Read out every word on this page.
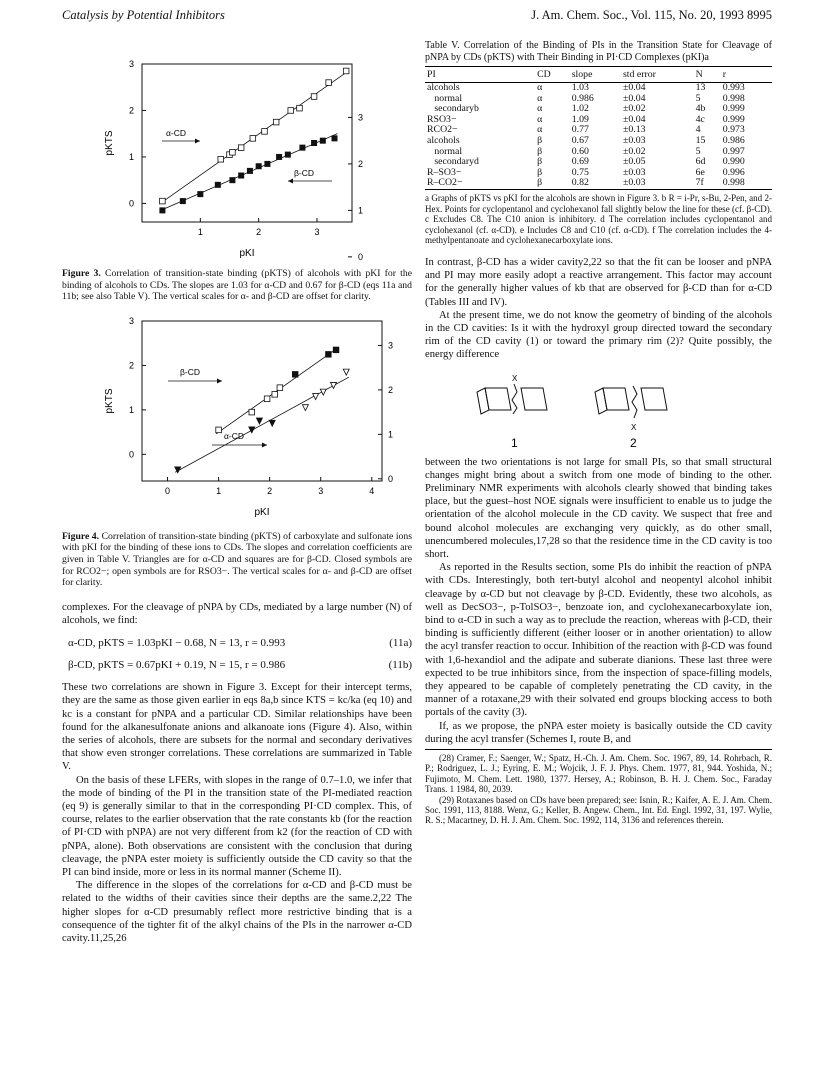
Catalysis by Potential Inhibitors	J. Am. Chem. Soc., Vol. 115, No. 20, 1993 8995
1	2	3
0
1
2
3
0
1
2
3
pKI
pKTS	α-CD
β-CD

Figure 3. Correlation of transition-state binding (pKTS) of alcohols with pKI for the binding of alcohols to CDs. The slopes are 1.03 for α-CD and 0.67 for β-CD (eqs 11a and 11b; see also Table V). The vertical scales for α- and β-CD are offset for clarity.

0	1	2	3	4
0
1
2
3
0
1
2
3
pKI
pKTS
β-CD
α-CD

Figure 4. Correlation of transition-state binding (pKTS) of carboxylate and sulfonate ions with pKI for the binding of these ions to CDs. The slopes and correlation coefficients are given in Table V. Triangles are for α-CD and squares are for β-CD. Closed symbols are for RCO2−; open symbols are for RSO3−. The vertical scales for α- and β-CD are offset for clarity.

complexes. For the cleavage of pNPA by CDs, mediated by a large number (N) of alcohols, we find:

α-CD, pKTS = 1.03pKI − 0.68, N = 13, r = 0.993	(11a)
β-CD, pKTS = 0.67pKI + 0.19, N = 15, r = 0.986	(11b)

These two correlations are shown in Figure 3. Except for their intercept terms, they are the same as those given earlier in eqs 8a,b since KTS = kc/ka (eq 10) and kc is a constant for pNPA and a particular CD. Similar relationships have been found for the alkanesulfonate anions and alkanoate ions (Figure 4). Also, within the series of alcohols, there are subsets for the normal and secondary derivatives that show even stronger correlations. These correlations are summarized in Table V.

On the basis of these LFERs, with slopes in the range of 0.7–1.0, we infer that the mode of binding of the PI in the transition state of the PI-mediated reaction (eq 9) is generally similar to that in the corresponding PI·CD complex. This, of course, relates to the earlier observation that the rate constants kb (for the reaction of PI·CD with pNPA) are not very different from k2 (for the reaction of CD with pNPA, alone). Both observations are consistent with the conclusion that during cleavage, the pNPA ester moiety is sufficiently outside the CD cavity so that the PI can bind inside, more or less in its normal manner (Scheme II).

The difference in the slopes of the correlations for α-CD and β-CD must be related to the widths of their cavities since their depths are the same.2,22 The higher slopes for α-CD presumably reflect more restrictive binding that is a consequence of the tighter fit of the alkyl chains of the PIs in the narrower α-CD cavity.11,25,26

Table V. Correlation of the Binding of PIs in the Transition State for Cleavage of pNPA by CDs (pKTS) with Their Binding in PI·CD Complexes (pKI)a

PI	CD	slope	std error	N	r
alcohols	α	1.03	±0.04	13	0.993
normal	α	0.986	±0.04	5	0.998
secondaryb	α	1.02	±0.02	4b	0.999
RSO3−	α	1.09	±0.04	4c	0.999
RCO2−	α	0.77	±0.13	4	0.973
alcohols	β	0.67	±0.03	15	0.986
normal	β	0.60	±0.02	5	0.997
secondaryd	β	0.69	±0.05	6d	0.990
R–SO3−	β	0.75	±0.03	6e	0.996
R–CO2−	β	0.82	±0.03	7f	0.998

a Graphs of pKTS vs pKI for the alcohols are shown in Figure 3. b R = i-Pr, s-Bu, 2-Pen, and 2-Hex. Points for cyclopentanol and cyclohexanol fall slightly below the line for these (cf. β-CD). c Excludes C8. The C10 anion is inhibitory. d The correlation includes cyclopentanol and cyclohexanol (cf. α-CD). e Includes C8 and C10 (cf. α-CD). f The correlation includes the 4-methylpentanoate and cyclohexanecarboxylate ions.

In contrast, β-CD has a wider cavity2,22 so that the fit can be looser and pNPA and PI may more easily adopt a reactive arrangement. This factor may account for the generally higher values of kb that are observed for β-CD than for α-CD (Tables III and IV).

At the present time, we do not know the geometry of binding of the alcohols in the CD cavities: Is it with the hydroxyl group directed toward the secondary rim of the CD cavity (1) or toward the primary rim (2)? Quite possibly, the energy difference

X
X
1	2

between the two orientations is not large for small PIs, so that small structural changes might bring about a switch from one mode of binding to the other. Preliminary NMR experiments with alcohols clearly showed that binding takes place, but the guest–host NOE signals were insufficient to enable us to judge the orientation of the alcohol molecule in the CD cavity. We suspect that free and bound alcohol molecules are exchanging very quickly, as do other small, unencumbered molecules,17,28 so that the residence time in the CD cavity is too short.

As reported in the Results section, some PIs do inhibit the reaction of pNPA with CDs. Interestingly, both tert-butyl alcohol and neopentyl alcohol inhibit cleavage by α-CD but not cleavage by β-CD. Evidently, these two alcohols, as well as DecSO3−, p-TolSO3−, benzoate ion, and cyclohexanecarboxylate ion, bind to α-CD in such a way as to preclude the reaction, whereas with β-CD, their binding is sufficiently different (either looser or in another orientation) to allow the acyl transfer reaction to occur. Inhibition of the reaction with β-CD was found with 1,6-hexandiol and the adipate and suberate dianions. These last three were expected to be true inhibitors since, from the inspection of space-filling models, they appeared to be capable of completely penetrating the CD cavity, in the manner of a rotaxane,29 with their solvated end groups blocking access to both portals of the cavity (3).

If, as we propose, the pNPA ester moiety is basically outside the CD cavity during the acyl transfer (Schemes I, route B, and

(28) Cramer, F.; Saenger, W.; Spatz, H.-Ch. J. Am. Chem. Soc. 1967, 89, 14. Rohrbach, R. P.; Rodriguez, L. J.; Eyring, E. M.; Wojcik, J. F. J. Phys. Chem. 1977, 81, 944. Yoshida, N.; Fujimoto, M. Chem. Lett. 1980, 1377. Hersey, A.; Robinson, B. H. J. Chem. Soc., Faraday Trans. 1 1984, 80, 2039.
(29) Rotaxanes based on CDs have been prepared; see: Isnin, R.; Kaifer, A. E. J. Am. Chem. Soc. 1991, 113, 8188. Wenz, G.; Keller, B. Angew. Chem., Int. Ed. Engl. 1992, 31, 197. Wylie, R. S.; Macartney, D. H. J. Am. Chem. Soc. 1992, 114, 3136 and references therein.
